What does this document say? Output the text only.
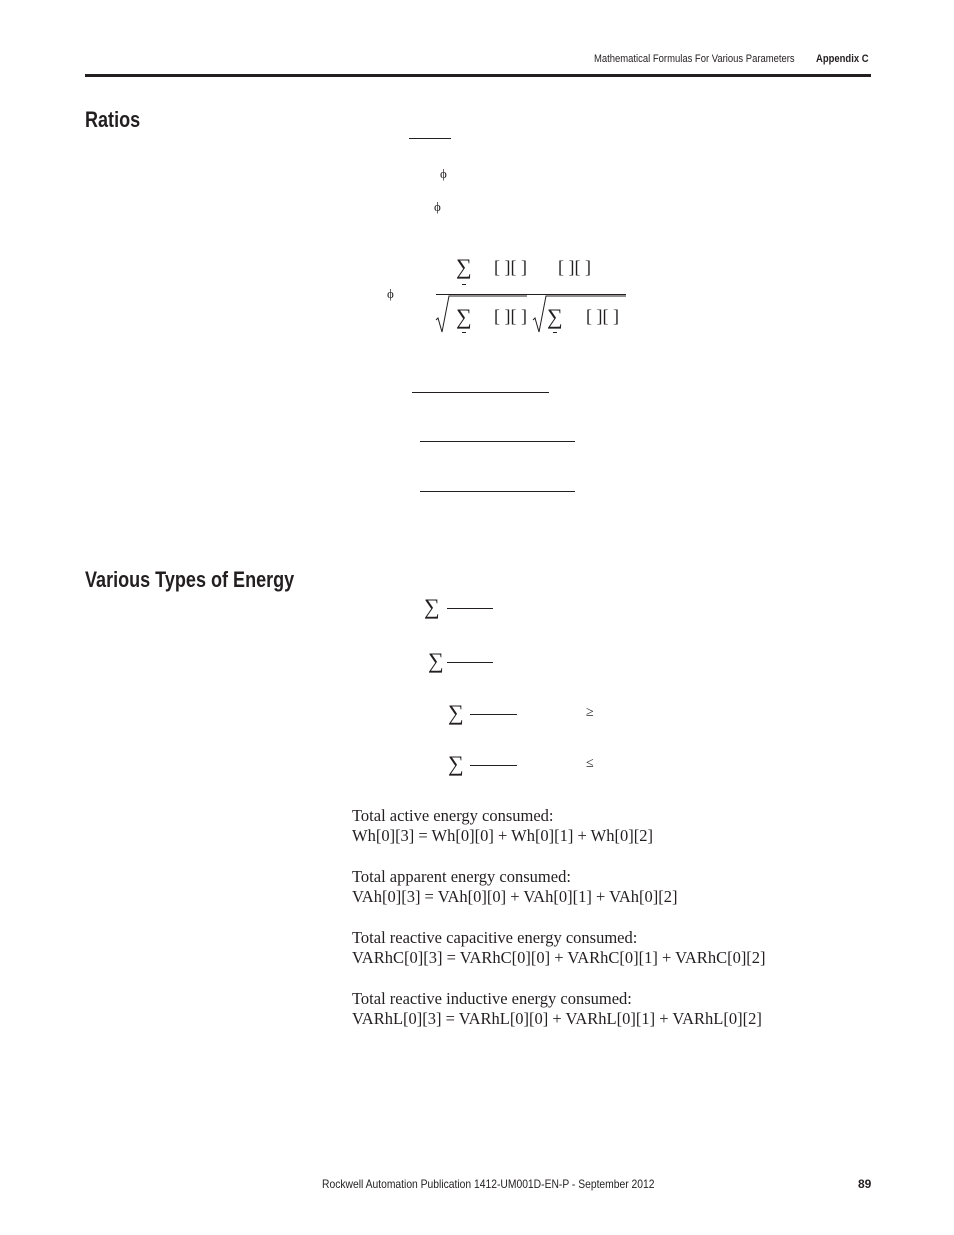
Mathematical Formulas For Various Parameters Appendix C
Ratios
ϕ
ϕ
ϕ
∑ [ ][ ] [ ][ ]
∑ [ ][ ] ∑ [ ][ ]
Various Types of Energy
∑
∑
∑	≥
∑	≤
Total active energy consumed:
Wh[0][3] = Wh[0][0] + Wh[0][1] + Wh[0][2]
Total apparent energy consumed:
VAh[0][3] = VAh[0][0] + VAh[0][1] + VAh[0][2]
Total reactive capacitive energy consumed:
VARhC[0][3] = VARhC[0][0] + VARhC[0][1] + VARhC[0][2]
Total reactive inductive energy consumed:
VARhL[0][3] = VARhL[0][0] + VARhL[0][1] + VARhL[0][2]
Rockwell Automation Publication 1412-UM001D-EN-P - September 2012	89
